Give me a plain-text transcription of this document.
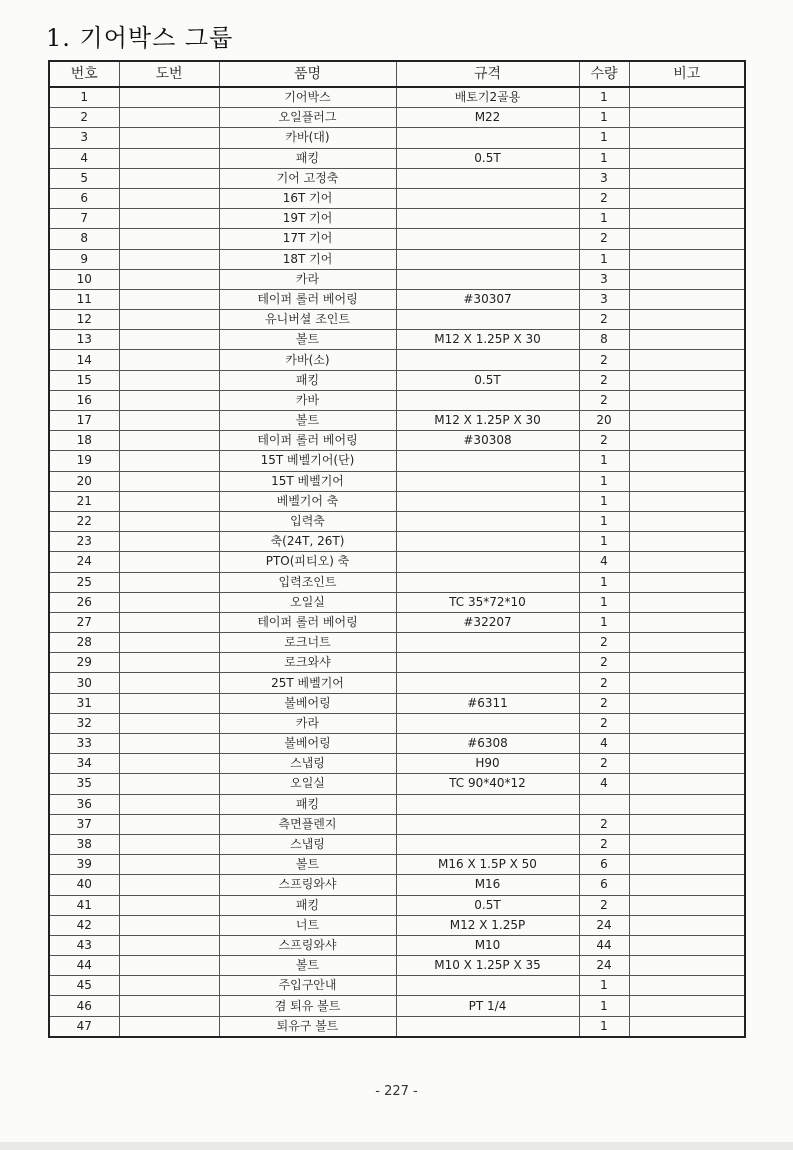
1. 기어박스 그룹
번호	도번	품명	규격	수량	비고
1		기어박스	배토기2골용	1	
2		오일플러그	M22	1	
3		카바(대)		1	
4		패킹	0.5T	1	
5		기어 고정축		3	
6		16T 기어		2	
7		19T 기어		1	
8		17T 기어		2	
9		18T 기어		1	
10		카라		3	
11		테이퍼 롤러 베어링	#30307	3	
12		유니버셜 조인트		2	
13		볼트	M12 X 1.25P X 30	8	
14		카바(소)		2	
15		패킹	0.5T	2	
16		카바		2	
17		볼트	M12 X 1.25P X 30	20	
18		테이퍼 롤러 베어링	#30308	2	
19		15T 베벨기어(단)		1	
20		15T 베벨기어		1	
21		베벨기어 축		1	
22		입력축		1	
23		축(24T, 26T)		1	
24		PTO(피티오) 축		4	
25		입력조인트		1	
26		오일실	TC 35*72*10	1	
27		테이퍼 롤러 베어링	#32207	1	
28		로크너트		2	
29		로크와샤		2	
30		25T 베벨기어		2	
31		볼베어링	#6311	2	
32		카라		2	
33		볼베어링	#6308	4	
34		스냅링	H90	2	
35		오일실	TC 90*40*12	4	
36		패킹			
37		측면플렌지		2	
38		스냅링		2	
39		볼트	M16 X 1.5P X 50	6	
40		스프링와샤	M16	6	
41		패킹	0.5T	2	
42		너트	M12 X 1.25P	24	
43		스프링와샤	M10	44	
44		볼트	M10 X 1.25P X 35	24	
45		주입구안내		1	
46		겸 퇴유 볼트	PT 1/4	1	
47		퇴유구 볼트		1	
- 227 -
